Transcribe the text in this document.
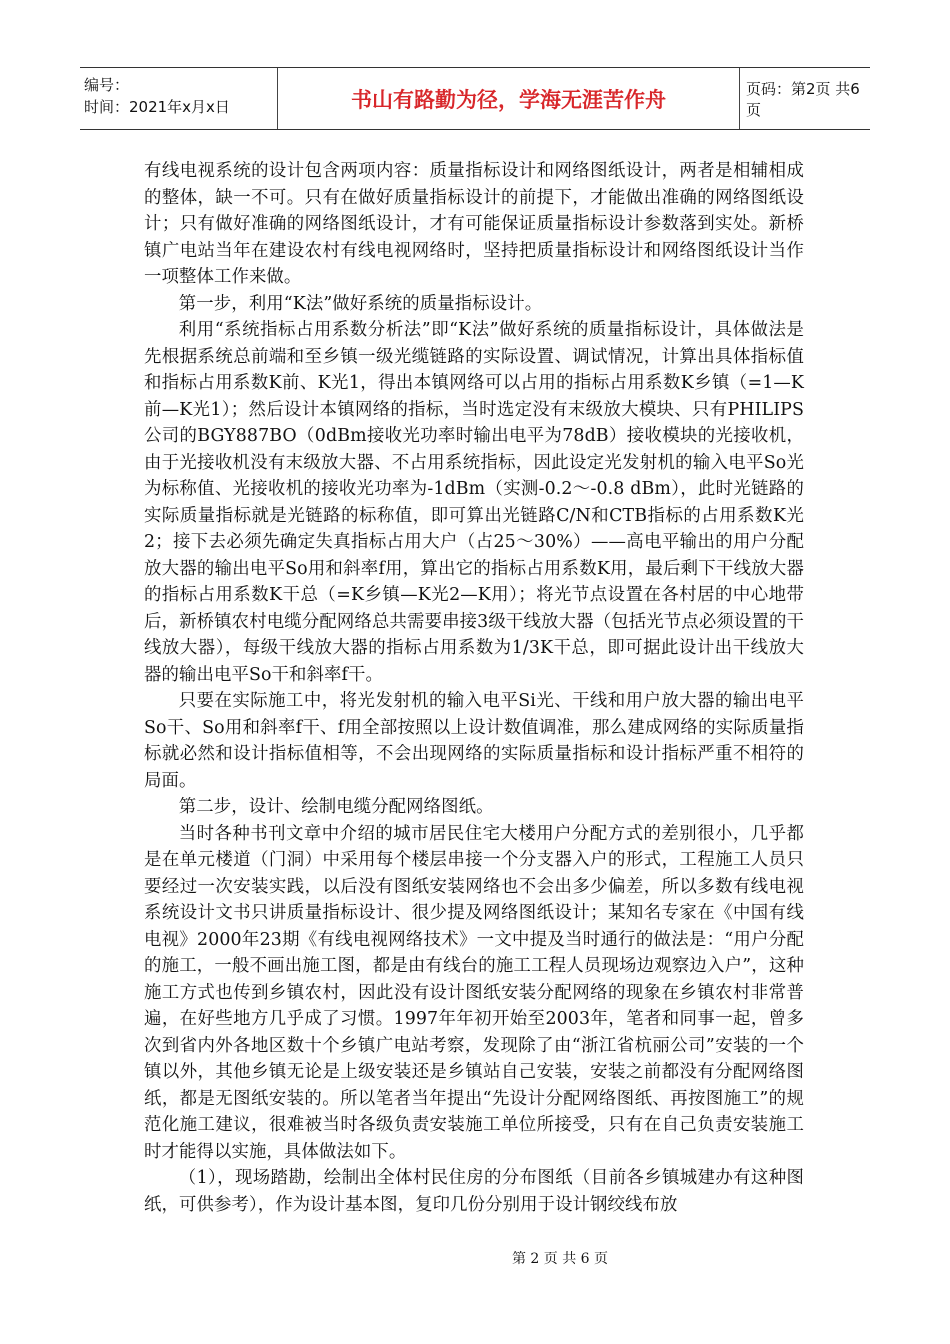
编号：
时间：2021年x月x日	书山有路勤为径，学海无涯苦作舟	页码：第2页 共6页

有线电视系统的设计包含两项内容：质量指标设计和网络图纸设计，两者是相辅相成的整体，缺一不可。只有在做好质量指标设计的前提下，才能做出准确的网络图纸设计；只有做好准确的网络图纸设计，才有可能保证质量指标设计参数落到实处。新桥镇广电站当年在建设农村有线电视网络时，坚持把质量指标设计和网络图纸设计当作一项整体工作来做。

第一步，利用“K法”做好系统的质量指标设计。

利用“系统指标占用系数分析法”即“K法”做好系统的质量指标设计，具体做法是先根据系统总前端和至乡镇一级光缆链路的实际设置、调试情况，计算出具体指标值和指标占用系数K前、K光1，得出本镇网络可以占用的指标占用系数K乡镇（=1—K前—K光1）；然后设计本镇网络的指标，当时选定没有末级放大模块、只有PHILIPS公司的BGY887BO（0dBm接收光功率时输出电平为78dB）接收模块的光接收机，由于光接收机没有末级放大器、不占用系统指标，因此设定光发射机的输入电平So光为标称值、光接收机的接收光功率为-1dBm（实测-0.2～-0.8 dBm），此时光链路的实际质量指标就是光链路的标称值，即可算出光链路C/N和CTB指标的占用系数K光2；接下去必须先确定失真指标占用大户（占25～30%）——高电平输出的用户分配放大器的输出电平So用和斜率f用，算出它的指标占用系数K用，最后剩下干线放大器的指标占用系数K干总（=K乡镇—K光2—K用）；将光节点设置在各村居的中心地带后，新桥镇农村电缆分配网络总共需要串接3级干线放大器（包括光节点必须设置的干线放大器），每级干线放大器的指标占用系数为1/3K干总，即可据此设计出干线放大器的输出电平So干和斜率f干。

只要在实际施工中，将光发射机的输入电平Si光、干线和用户放大器的输出电平So干、So用和斜率f干、f用全部按照以上设计数值调准，那么建成网络的实际质量指标就必然和设计指标值相等，不会出现网络的实际质量指标和设计指标严重不相符的局面。

第二步，设计、绘制电缆分配网络图纸。

当时各种书刊文章中介绍的城市居民住宅大楼用户分配方式的差别很小，几乎都是在单元楼道（门洞）中采用每个楼层串接一个分支器入户的形式，工程施工人员只要经过一次安装实践，以后没有图纸安装网络也不会出多少偏差，所以多数有线电视系统设计文书只讲质量指标设计、很少提及网络图纸设计；某知名专家在《中国有线电视》2000年23期《有线电视网络技术》一文中提及当时通行的做法是：“用户分配的施工，一般不画出施工图，都是由有线台的施工工程人员现场边观察边入户”，这种施工方式也传到乡镇农村，因此没有设计图纸安装分配网络的现象在乡镇农村非常普遍，在好些地方几乎成了习惯。1997年年初开始至2003年，笔者和同事一起，曾多次到省内外各地区数十个乡镇广电站考察，发现除了由“浙江省杭丽公司”安装的一个镇以外，其他乡镇无论是上级安装还是乡镇站自己安装，安装之前都没有分配网络图纸，都是无图纸安装的。所以笔者当年提出“先设计分配网络图纸、再按图施工”的规范化施工建议，很难被当时各级负责安装施工单位所接受，只有在自己负责安装施工时才能得以实施，具体做法如下。

（1），现场踏勘，绘制出全体村民住房的分布图纸（目前各乡镇城建办有这种图纸，可供参考），作为设计基本图，复印几份分别用于设计钢绞线布放

第 2 页 共 6 页
